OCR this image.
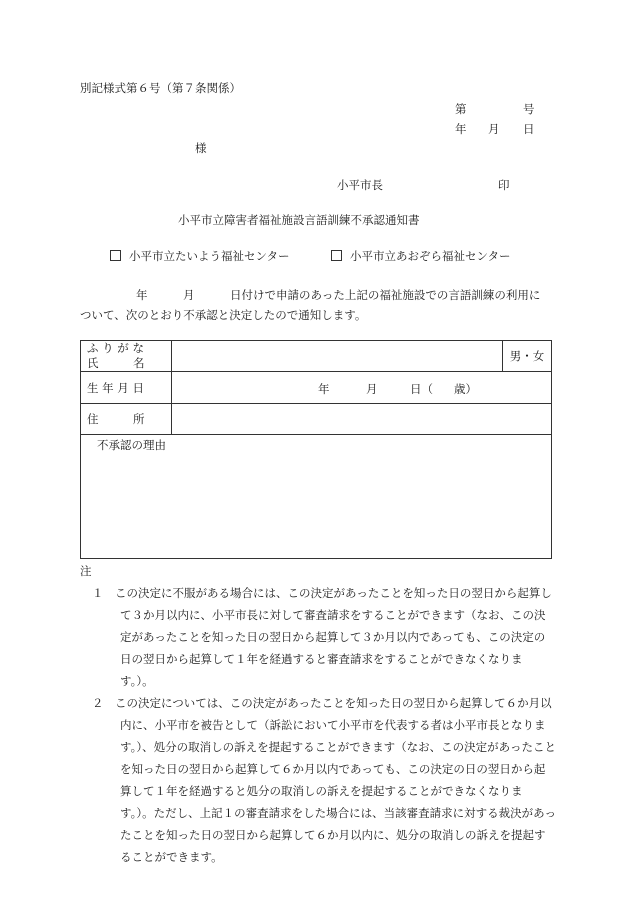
別記様式第６号（第７条関係）
第	号
年 月 日
様
小平市長	印
小平市立障害者福祉施設言語訓練不承認通知書
小平市立たいよう福祉センター	小平市立あおぞら福祉センター
年	月	日付けで申請のあった上記の福祉施設での言語訓練の利用に
ついて、次のとおり不承認と決定したので通知します。
ふ り が な
氏　　　名		男・女
生 年 月 日	年 月 日（ 歳）	

住　　　所		
不承認の理由		
注
１　この決定に不服がある場合には、この決定があったことを知った日の翌日から起算して３か月以内に、小平市長に対して審査請求をすることができます（なお、この決定があったことを知った日の翌日から起算して３か月以内であっても、この決定の日の翌日から起算して１年を経過すると審査請求をすることができなくなります。）。
２　この決定については、この決定があったことを知った日の翌日から起算して６か月以内に、小平市を被告として（訴訟において小平市を代表する者は小平市長となります。）、処分の取消しの訴えを提起することができます（なお、この決定があったことを知った日の翌日から起算して６か月以内であっても、この決定の日の翌日から起算して１年を経過すると処分の取消しの訴えを提起することができなくなります。）。ただし、上記１の審査請求をした場合には、当該審査請求に対する裁決があったことを知った日の翌日から起算して６か月以内に、処分の取消しの訴えを提起することができます。
